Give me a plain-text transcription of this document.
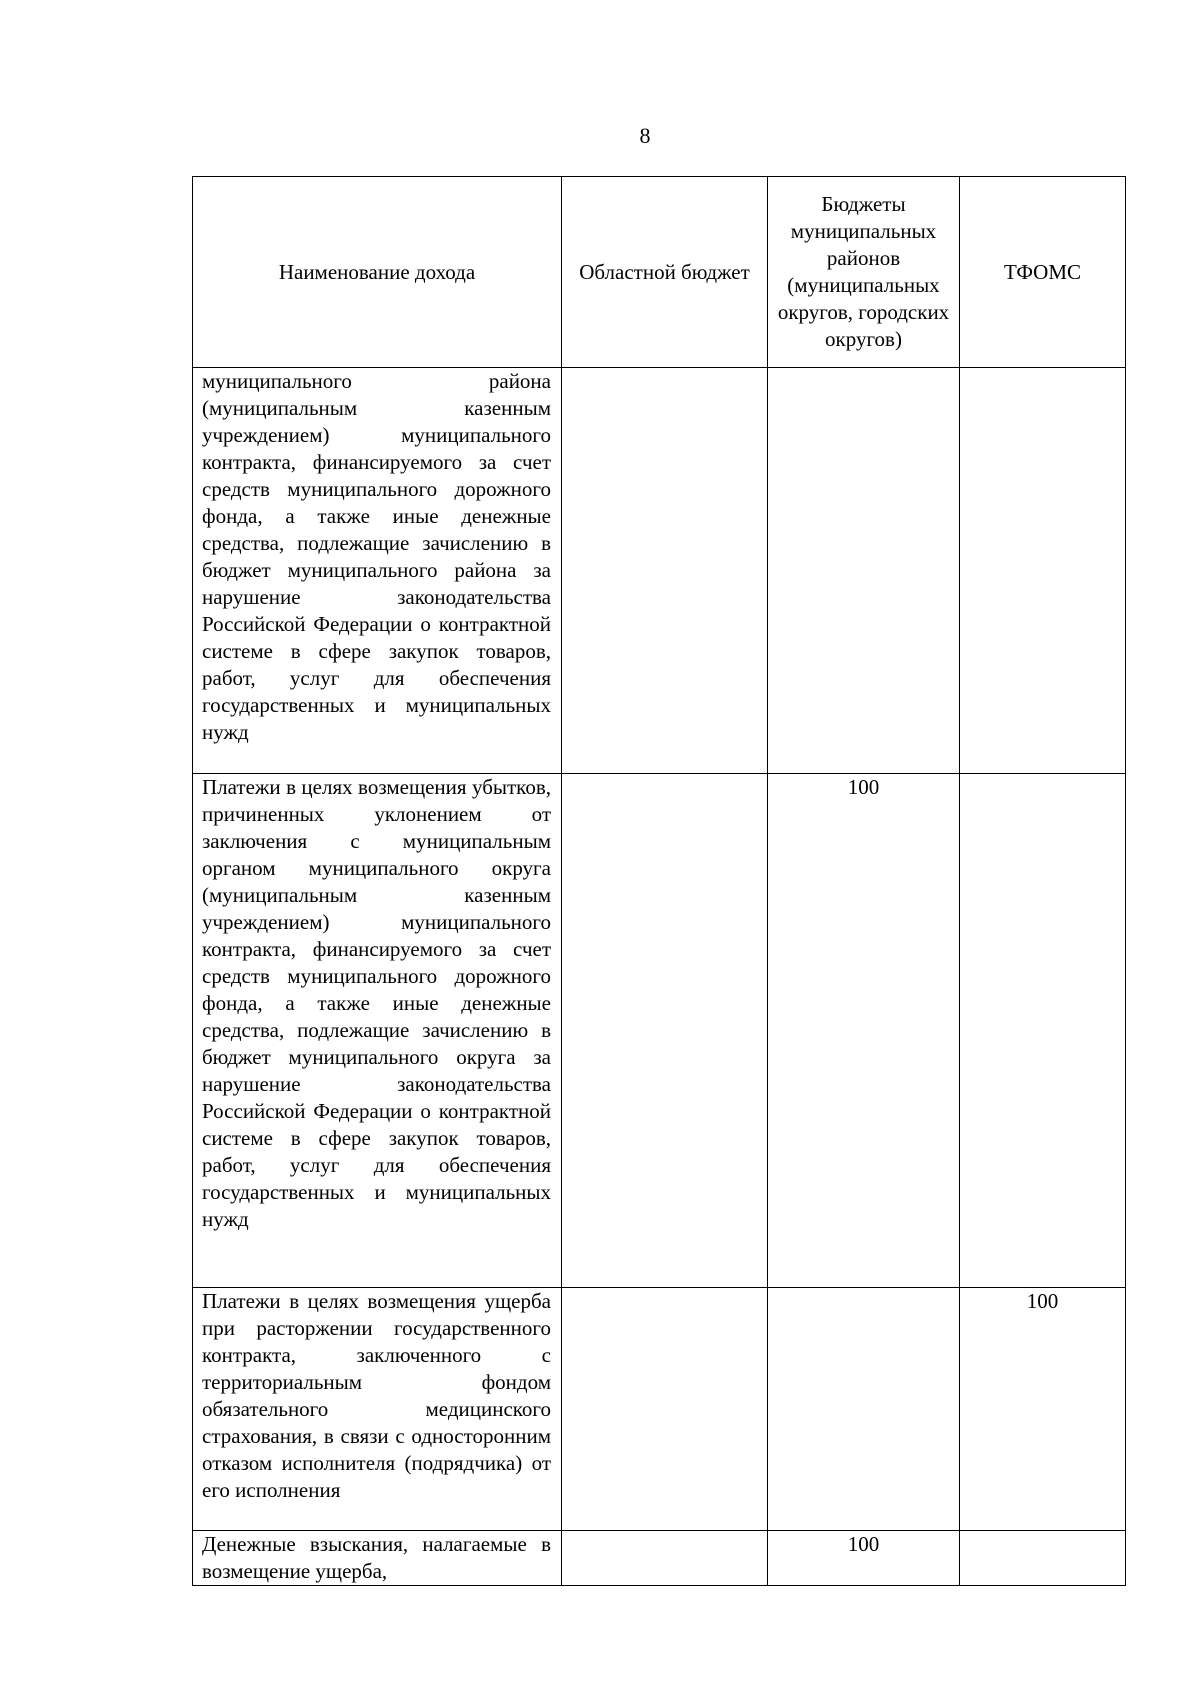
8
Наименование дохода	Областной бюджет	Бюджеты муниципальных районов (муниципальных округов, городских округов)	ТФОМС
муниципального района (муниципальным казенным учреждением) муниципального контракта, финансируемого за счет средств муниципального дорожного фонда, а также иные денежные средства, подлежащие зачислению в бюджет муниципального района за нарушение законодательства Российской Федерации о контрактной системе в сфере закупок товаров, работ, услуг для обеспечения государственных и муниципальных нужд			
Платежи в целях возмещения убытков, причиненных уклонением от заключения с муниципальным органом муниципального округа (муниципальным казенным учреждением) муниципального контракта, финансируемого за счет средств муниципального дорожного фонда, а также иные денежные средства, подлежащие зачислению в бюджет муниципального округа за нарушение законодательства Российской Федерации о контрактной системе в сфере закупок товаров, работ, услуг для обеспечения государственных и муниципальных нужд		100	
Платежи в целях возмещения ущерба при расторжении государственного контракта, заключенного с территориальным фондом обязательного медицинского страхования, в связи с односторонним отказом исполнителя (подрядчика) от его исполнения			100
Денежные взыскания, налагаемые в возмещение ущерба,		100	
